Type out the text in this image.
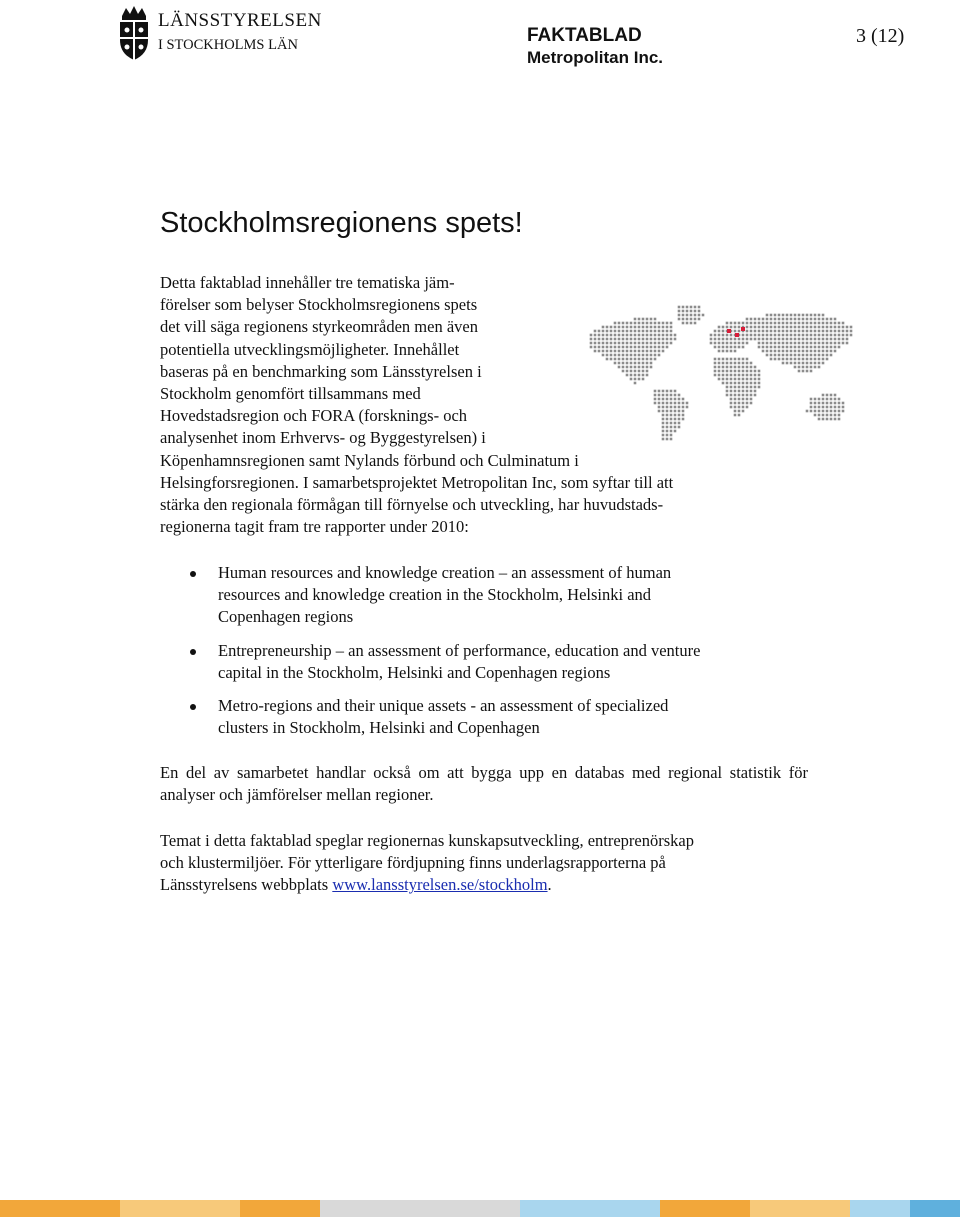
LÄNSSTYRELSEN
I STOCKHOLMS LÄN	FAKTABLAD
Metropolitan Inc.
3 (12)
Stockholmsregionens spets!
Detta faktablad innehåller tre tematiska jäm-
förelser som belyser Stockholmsregionens spets
det vill säga regionens styrkeområden men även
potentiella utvecklingsmöjligheter. Innehållet
baseras på en benchmarking som Länsstyrelsen i
Stockholm genomfört tillsammans med
Hovedstadsregion och FORA (forsknings- och
analysenhet inom Erhvervs- og Byggestyrelsen) i
Köpenhamnsregionen samt Nylands förbund och Culminatum i
Helsingforsregionen. I samarbetsprojektet Metropolitan Inc, som syftar till att
stärka den regionala förmågan till förnyelse och utveckling, har huvudstads-
regionerna tagit fram tre rapporter under 2010:
Human resources and knowledge creation – an assessment of human
resources and knowledge creation in the Stockholm, Helsinki and
Copenhagen regions
Entrepreneurship – an assessment of performance, education and venture
capital in the Stockholm, Helsinki and Copenhagen regions
Metro-regions and their unique assets - an assessment of specialized
clusters in Stockholm, Helsinki and Copenhagen

En del av samarbetet handlar också om att bygga upp en databas med regional statistik för analyser och jämförelser mellan regioner.

Temat i detta faktablad speglar regionernas kunskapsutveckling, entreprenörskap
och klustermiljöer. För ytterligare fördjupning finns underlagsrapporterna på
Länsstyrelsens webbplats www.lansstyrelsen.se/stockholm.
